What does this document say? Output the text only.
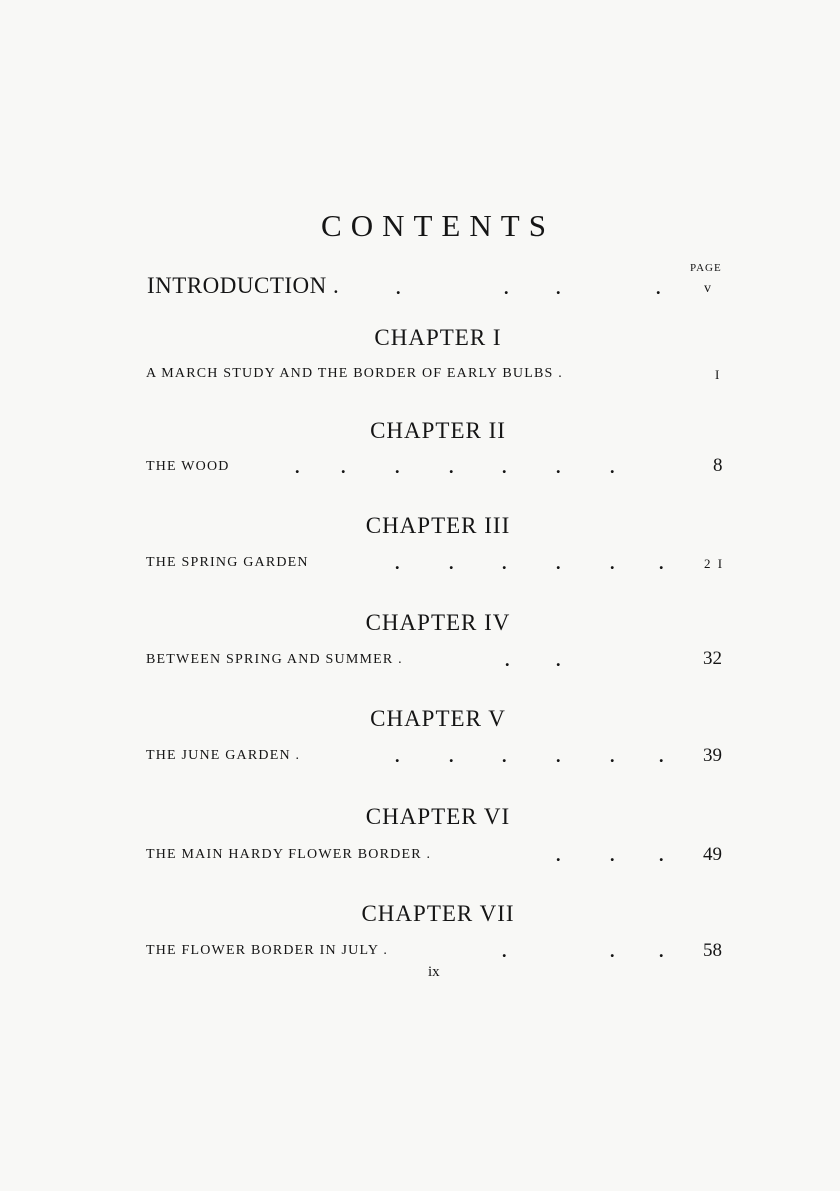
CONTENTS
PAGE
INTRODUCTION .	.	.	.	.	v
CHAPTER I
A MARCH STUDY AND THE BORDER OF EARLY BULBS .	I
CHAPTER II
THE WOOD	. .	.	.	.	.	.	8
CHAPTER III
THE SPRING GARDEN	.	.	.	.	. .	2 I
CHAPTER IV
BETWEEN SPRING AND SUMMER .	.	.	32
CHAPTER V
THE JUNE GARDEN .	.	.	.	.	. . 39
CHAPTER VI
THE MAIN HARDY FLOWER BORDER .	.	. . 49
CHAPTER VII
THE FLOWER BORDER IN JULY .	.	. . 58
ix
